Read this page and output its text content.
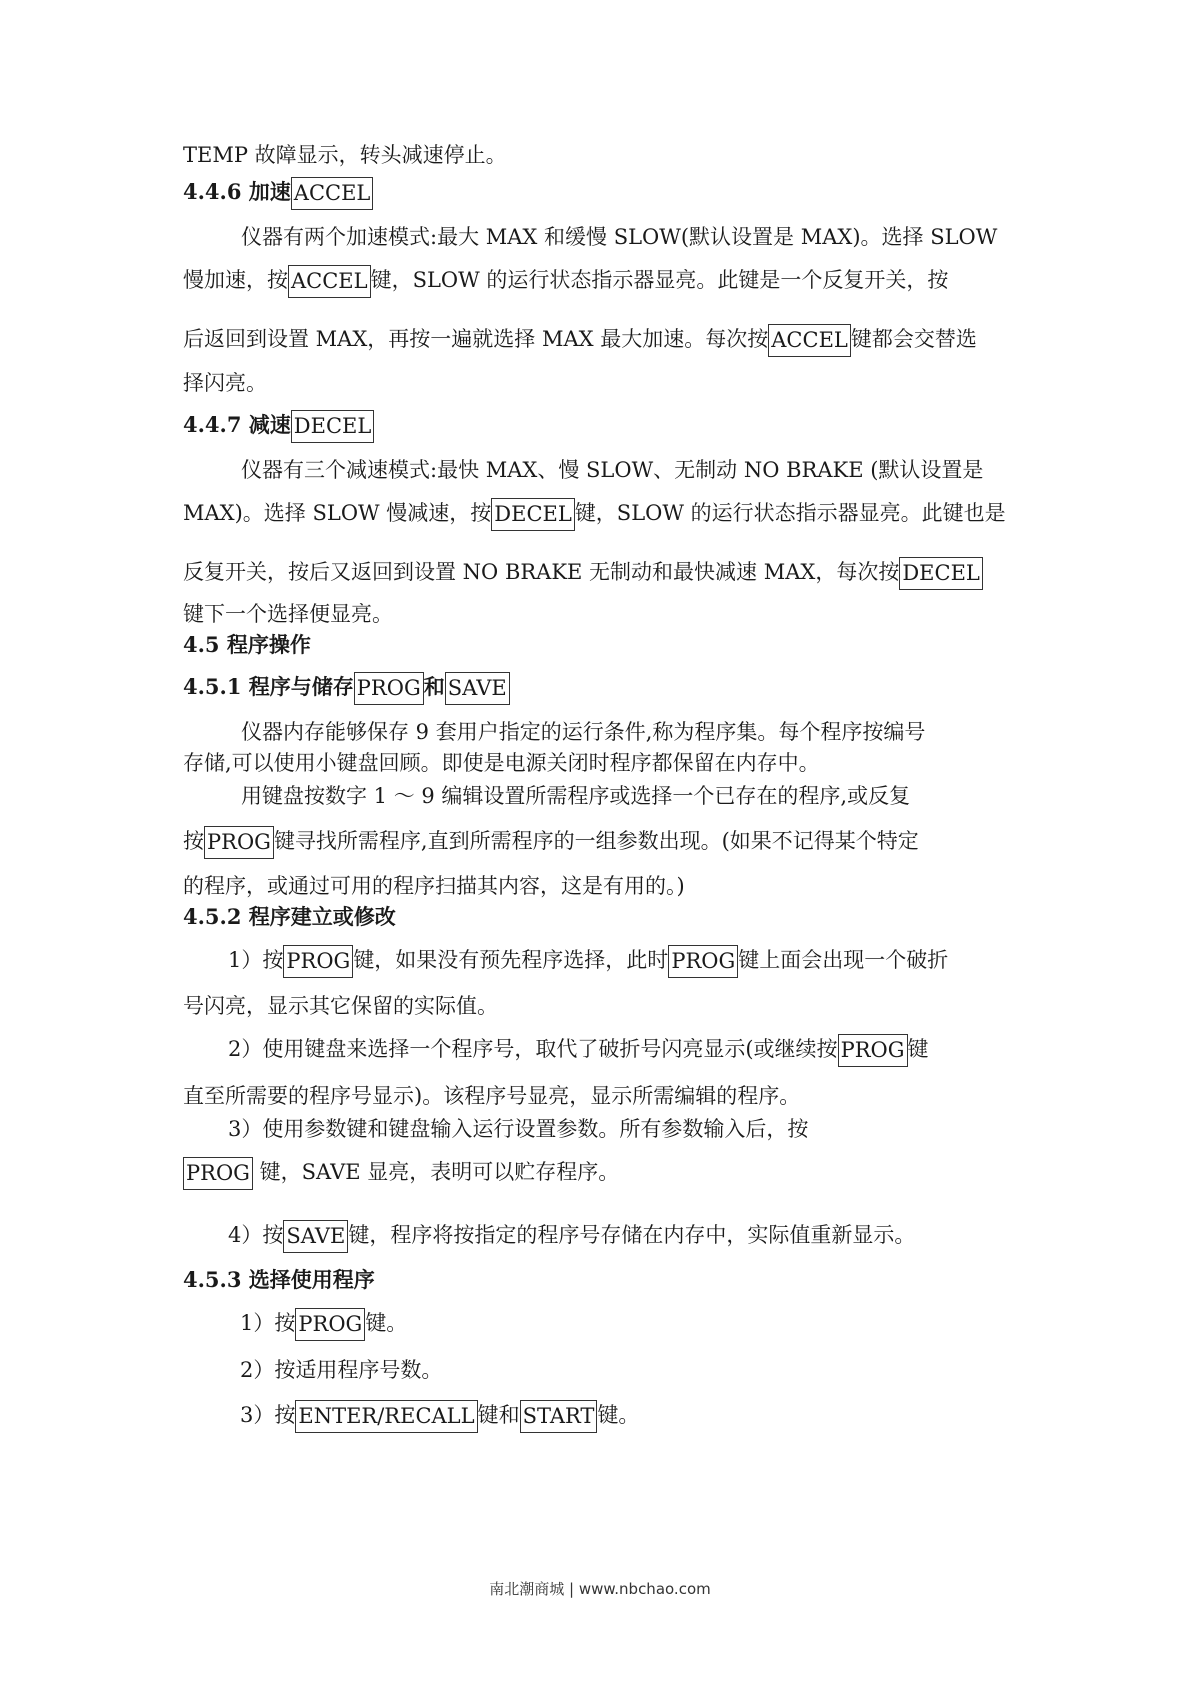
TEMP 故障显示，转头减速停止。
4.4.6 加速 ACCEL
仪器有两个加速模式:最大 MAX 和缓慢 SLOW(默认设置是 MAX)。选择 SLOW
慢加速，按 ACCEL 键，SLOW 的运行状态指示器显亮。此键是一个反复开关，按
后返回到设置 MAX，再按一遍就选择 MAX 最大加速。每次按 ACCEL 键都会交替选
择闪亮。
4.4.7 减速 DECEL
仪器有三个减速模式:最快 MAX、慢 SLOW、无制动 NO BRAKE (默认设置是
MAX)。选择 SLOW 慢减速，按 DECEL 键，SLOW 的运行状态指示器显亮。此键也是
反复开关，按后又返回到设置 NO BRAKE 无制动和最快减速 MAX，每次按 DECEL
键下一个选择便显亮。
4.5 程序操作
4.5.1 程序与储存 PROG 和 SAVE
仪器内存能够保存 9 套用户指定的运行条件,称为程序集。每个程序按编号
存储,可以使用小键盘回顾。即使是电源关闭时程序都保留在内存中。
用键盘按数字 1 ～ 9 编辑设置所需程序或选择一个已存在的程序,或反复
按 PROG 键寻找所需程序,直到所需程序的一组参数出现。(如果不记得某个特定
的程序，或通过可用的程序扫描其内容，这是有用的。)
4.5.2 程序建立或修改
1）按 PROG 键，如果没有预先程序选择，此时 PROG 键上面会出现一个破折
号闪亮，显示其它保留的实际值。
2）使用键盘来选择一个程序号，取代了破折号闪亮显示(或继续按 PROG 键
直至所需要的程序号显示)。该程序号显亮，显示所需编辑的程序。
3）使用参数键和键盘输入运行设置参数。所有参数输入后，按
PROG 键，SAVE 显亮，表明可以贮存程序。
4）按 SAVE 键，程序将按指定的程序号存储在内存中，实际值重新显示。
4.5.3 选择使用程序
1）按 PROG 键。
2）按适用程序号数。
3）按 ENTER/RECALL 键和 START 键。
南北潮商城 | www.nbchao.com
